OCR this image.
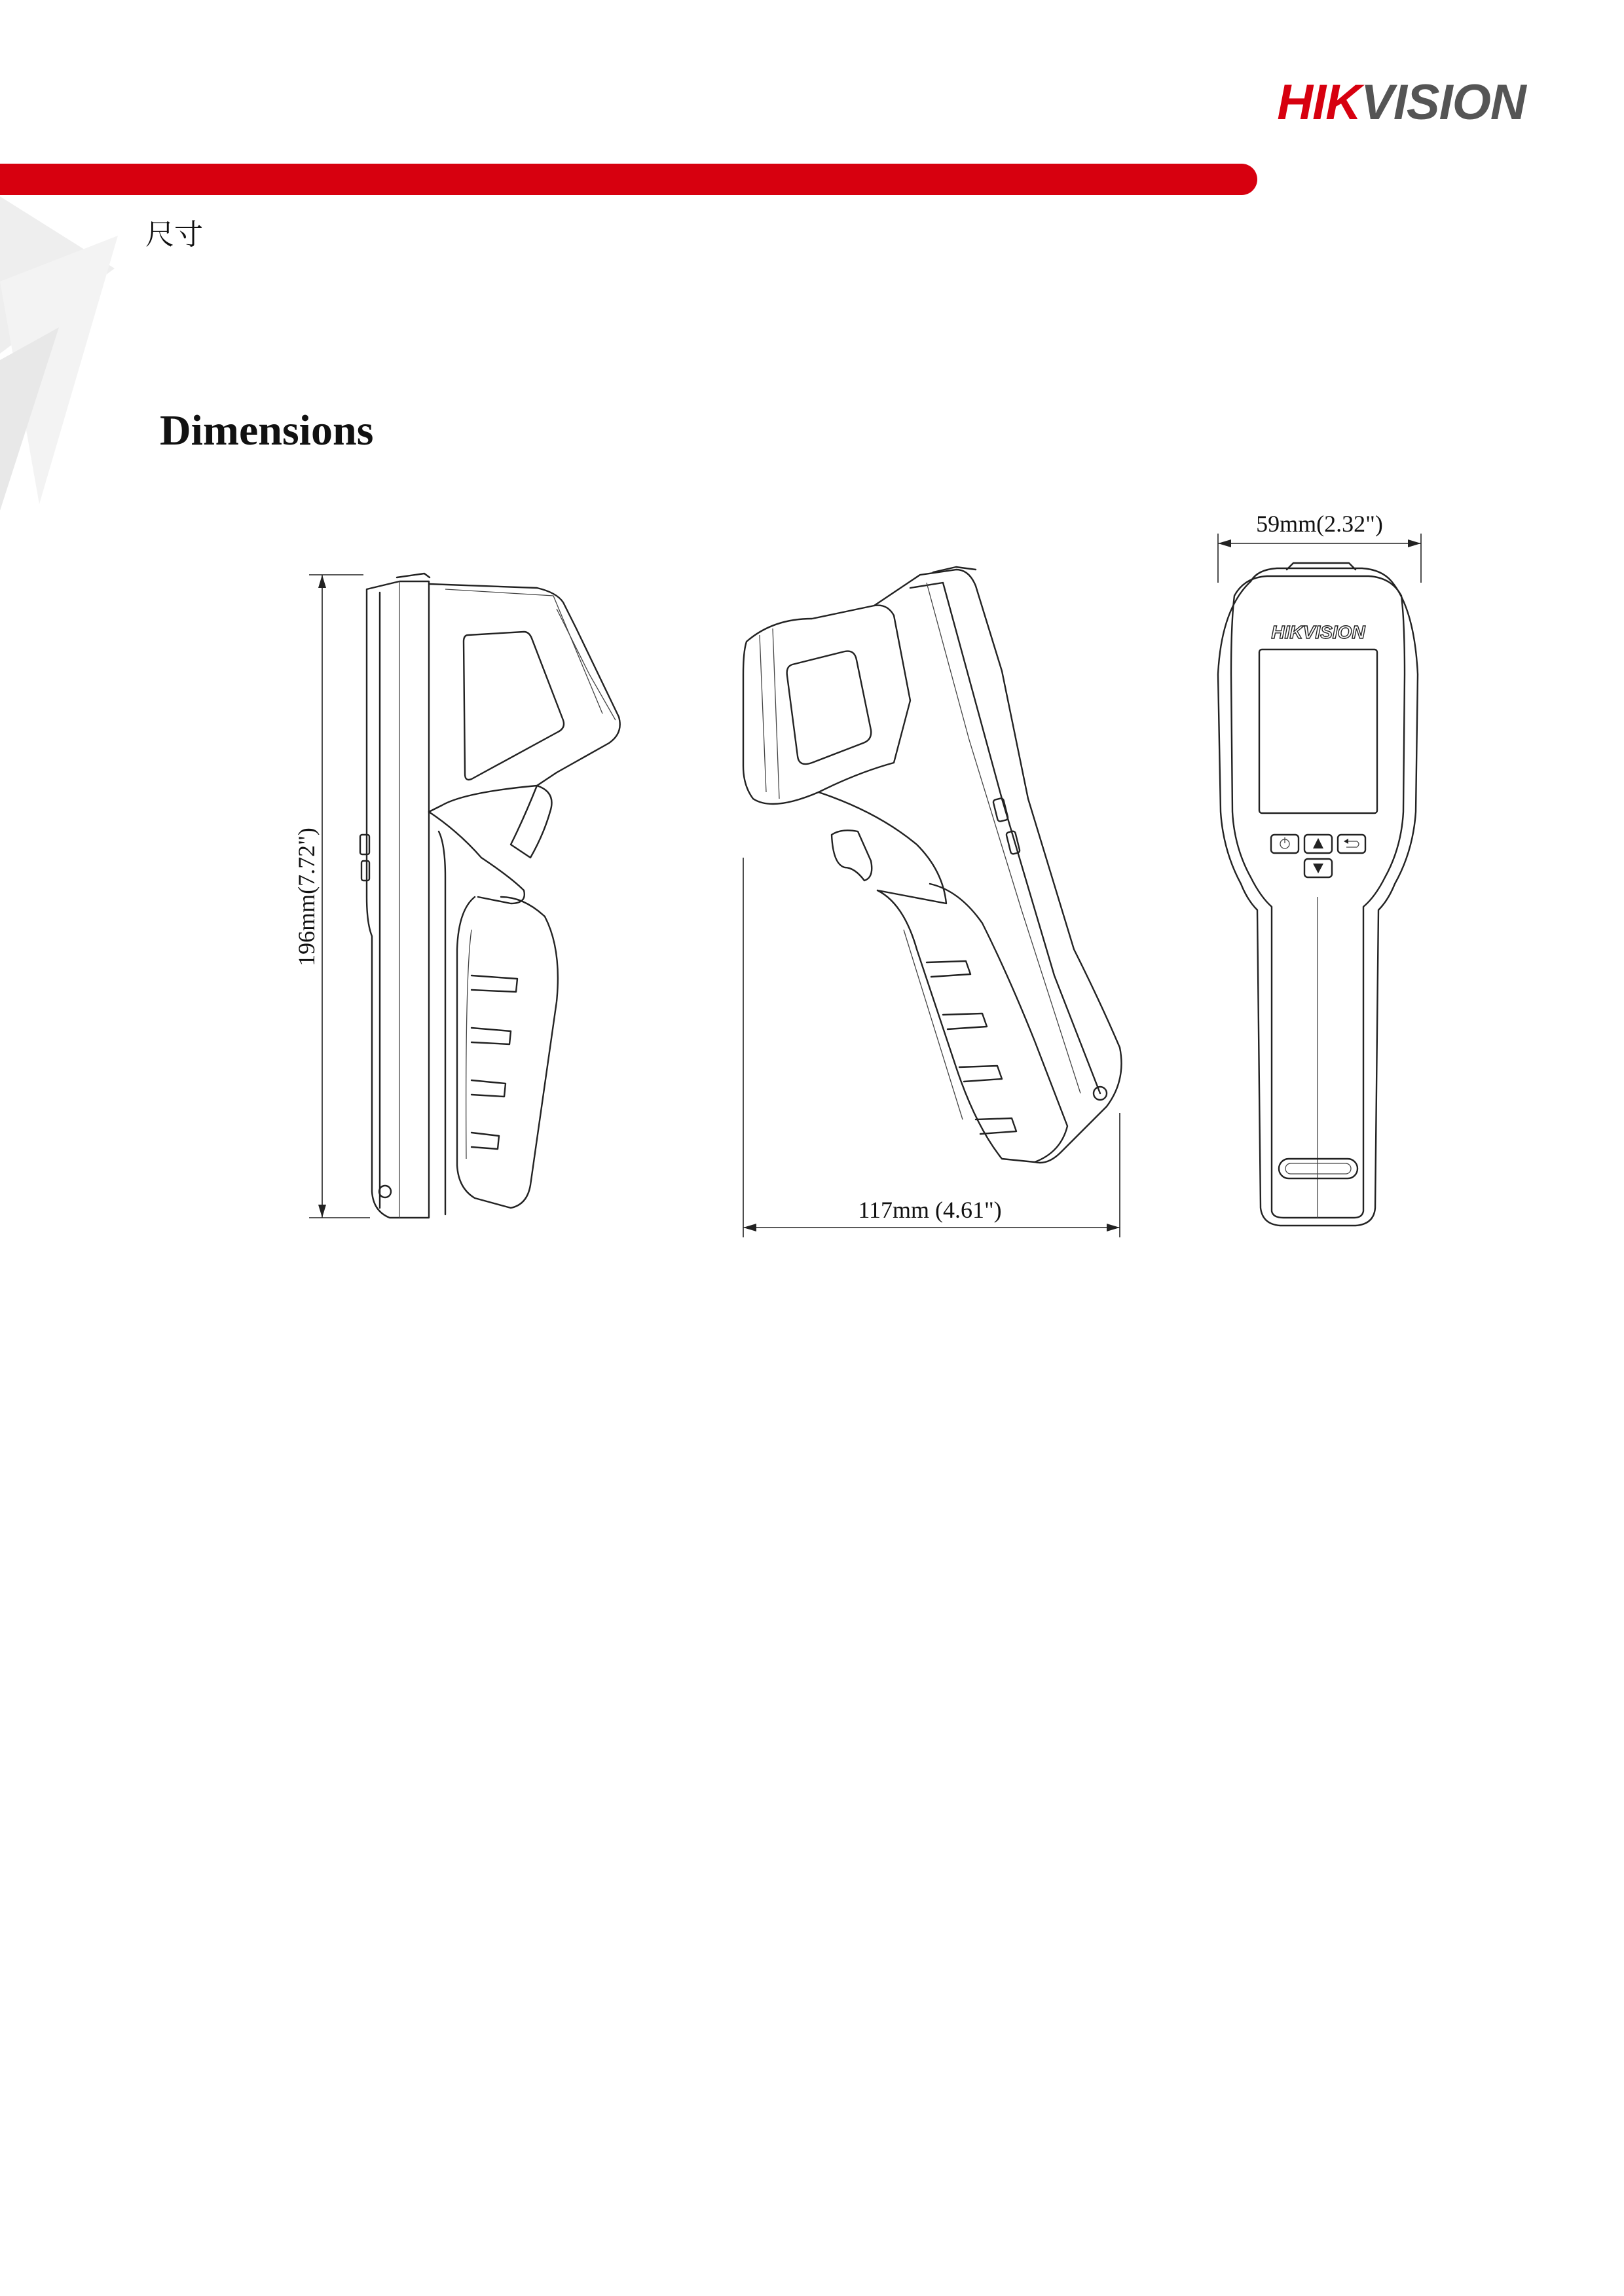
HIKVISION
尺寸
Dimensions
196mm(7.72")
117mm (4.61")
59mm(2.32")
HIKVISION
